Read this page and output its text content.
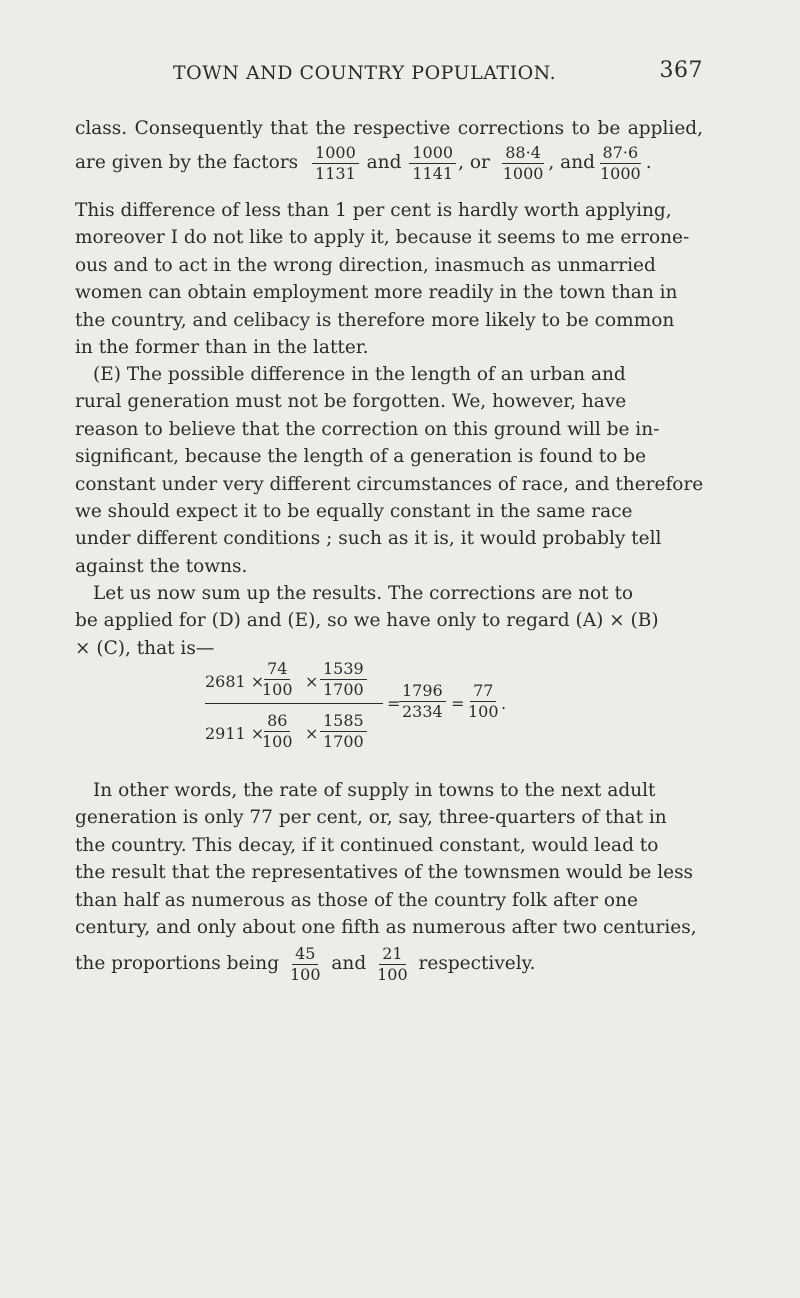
TOWN AND COUNTRY POPULATION.	367
class. Consequently that the respective corrections to be applied,
are given by the factors $\frac{1000}{1131}$ and $\frac{1000}{1141}$ , or $\frac{88\cdot 4}{1000}$ , and $\frac{87\cdot 6}{1000}$ .
This difference of less than 1 per cent is hardly worth applying,
moreover I do not like to apply it, because it seems to me errone-
ous and to act in the wrong direction, inasmuch as unmarried
women can obtain employment more readily in the town than in
the country, and celibacy is therefore more likely to be common
in the former than in the latter.
(E) The possible difference in the length of an urban and
rural generation must not be forgotten. We, however, have
reason to believe that the correction on this ground will be in-
significant, because the length of a generation is found to be
constant under very different circumstances of race, and therefore
we should expect it to be equally constant in the same race
under different conditions ; such as it is, it would probably tell
against the towns.
Let us now sum up the results. The corrections are not to
be applied for (D) and (E), so we have only to regard (A) × (B)
× (C), that is—
2681 ×
$\frac{74}{100} \times \frac{1539}{1700}$
2911 ×
$\frac{86}{100} \times \frac{1585}{1700}$
=
$\frac{1796}{2334} = \frac{77}{100}$ .
In other words, the rate of supply in towns to the next adult
generation is only 77 per cent, or, say, three-quarters of that in
the country. This decay, if it continued constant, would lead to
the result that the representatives of the townsmen would be less
than half as numerous as those of the country folk after one
century, and only about one fifth as numerous after two centuries,
the proportions being $\frac{45}{100}$ and $\frac{21}{100}$ respectively.
